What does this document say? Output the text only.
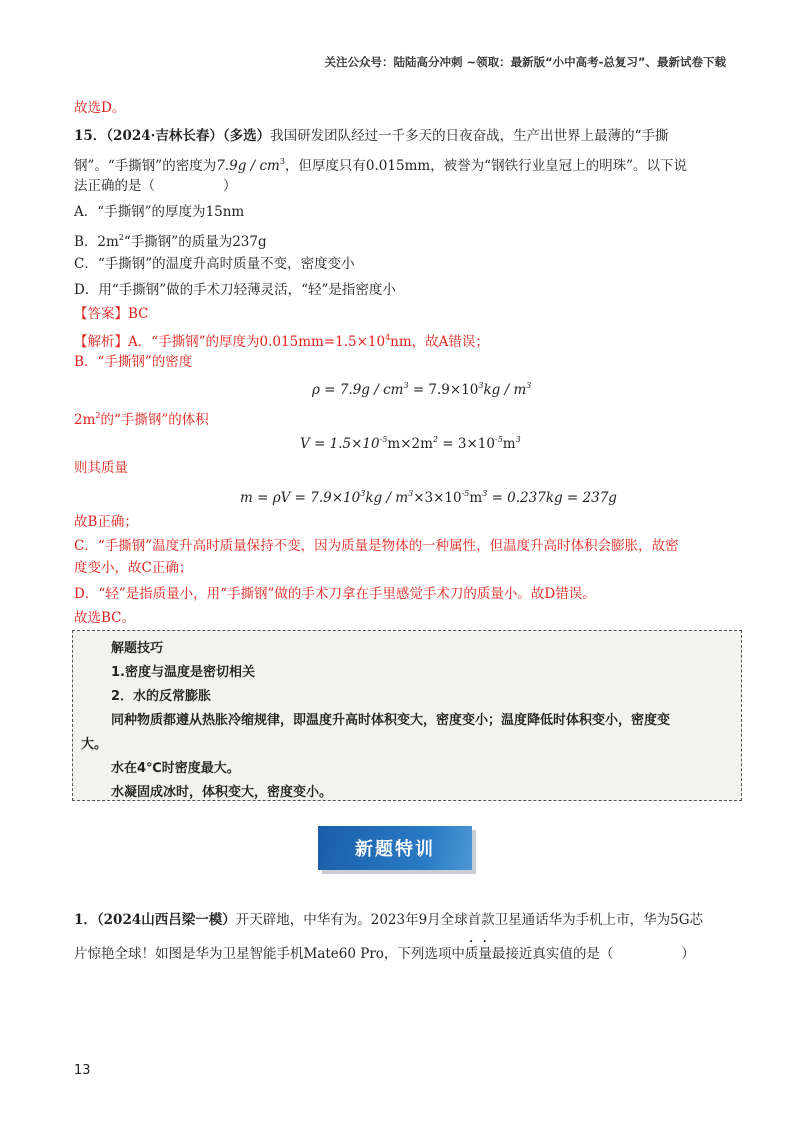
关注公众号：陆陆高分冲刺 ~领取：最新版“小中高考-总复习”、最新试卷下载
故选D。
15．（2024·吉林长春）（多选）我国研发团队经过一千多天的日夜奋战，生产出世界上最薄的“手撕
钢”。“手撕钢”的密度为$7.9g / cm^3$，但厚度只有0.015mm，被誉为“钢铁行业皇冠上的明珠”。以下说
法正确的是（	）
A．“手撕钢”的厚度为15nm
B．$2m^2“$手撕钢”的质量为237g
C．“手撕钢”的温度升高时质量不变，密度变小
D．用“手撕钢”做的手术刀轻薄灵活，“轻”是指密度小
【答案】BC
【解析】A．“手撕钢”的厚度为$0.015mm=1.5\times 10^4nm$，故A错误；
B．“手撕钢”的密度
$\rho = 7.9g / cm^3 = 7.9\times 10^3kg / m^3$
$2m^2$的“手撕钢”的体积
$V = 1.5\times 10^{-5}m\times 2m^2 = 3\times 10^{-5}m^3$
则其质量
$m = \rho V = 7.9\times 10^3kg / m^3\times 3\times 10^{-5}m^3 = 0.237kg = 237g$
故B正确；
C．“手撕钢”温度升高时质量保持不变，因为质量是物体的一种属性，但温度升高时体积会膨胀，故密
度变小，故C正确；
D．“轻”是指质量小，用“手撕钢”做的手术刀拿在手里感觉手术刀的质量小。故D错误。
故选BC。
解题技巧
1.密度与温度是密切相关
2．水的反常膨胀
同种物质都遵从热胀冷缩规律，即温度升高时体积变大，密度变小；温度降低时体积变小，密度变
大。
水在4℃时密度最大。
水凝固成冰时，体积变大，密度变小。
新题特训
1．（2024山西吕梁一模）开天辟地，中华有为。2023年9月全球首款卫星通话华为手机上市，华为5G芯
片惊艳全球！如图是华为卫星智能手机Mate60 Pro，下列选项中质量最接近真实值的是（	）
13
